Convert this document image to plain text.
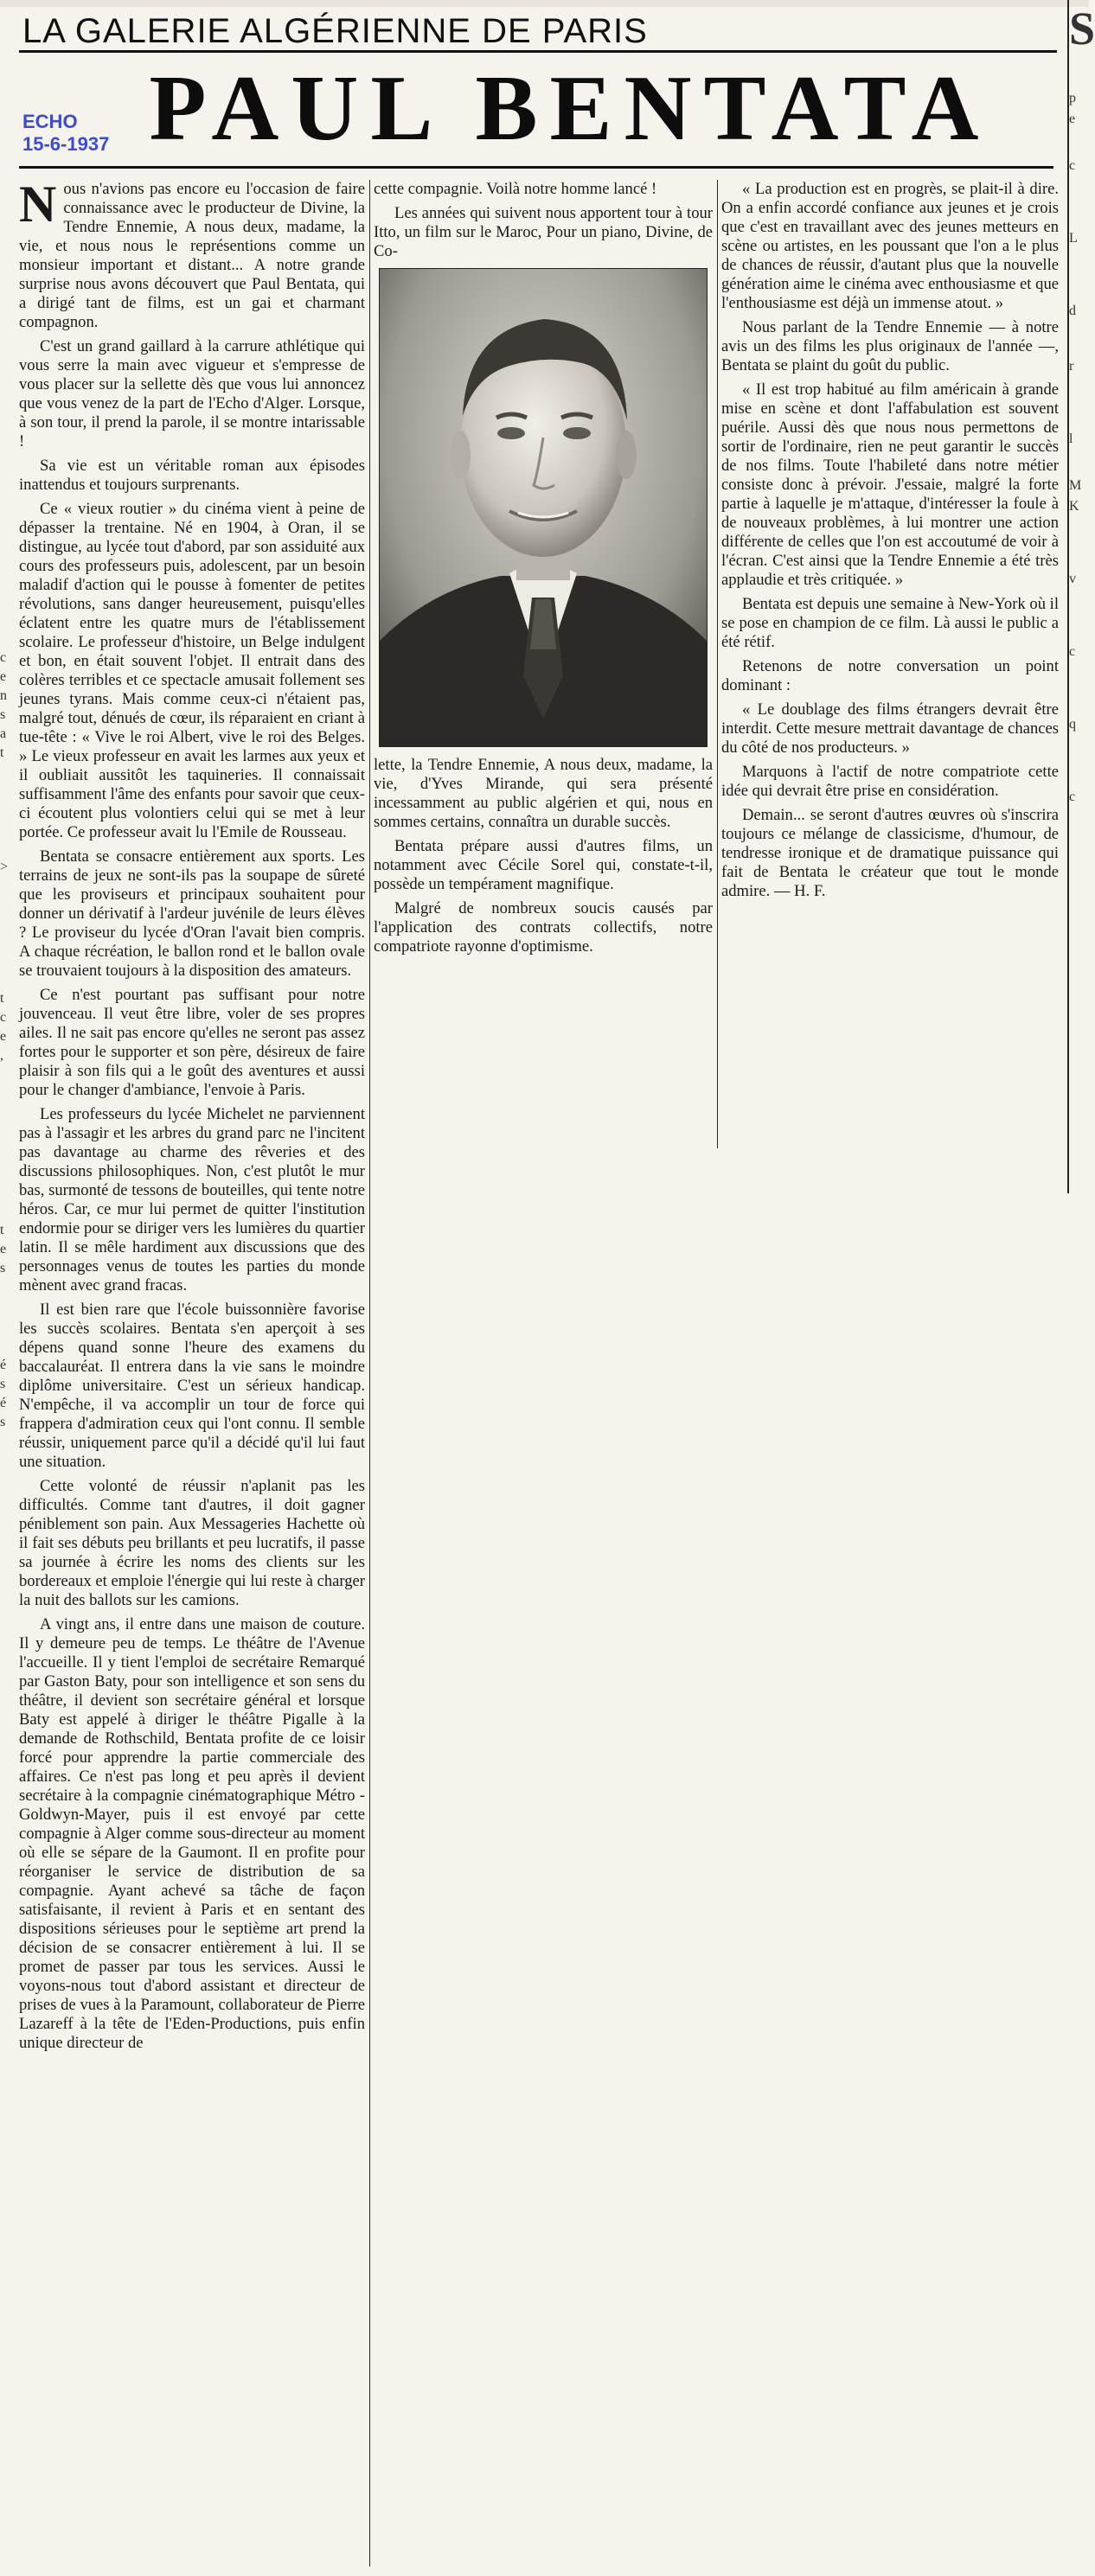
LA GALERIE ALGÉRIENNE DE PARIS
PAUL BENTATA
ECHO
15-6-1937

Nous n'avions pas encore eu l'occasion de faire connaissance avec le producteur de Divine, la Tendre Ennemie, A nous deux, madame, la vie, et nous nous le représentions comme un monsieur important et distant... A notre grande surprise nous avons découvert que Paul Bentata, qui a dirigé tant de films, est un gai et charmant compagnon.

C'est un grand gaillard à la carrure athlétique qui vous serre la main avec vigueur et s'empresse de vous placer sur la sellette dès que vous lui annoncez que vous venez de la part de l'Echo d'Alger. Lorsque, à son tour, il prend la parole, il se montre intarissable !

Sa vie est un véritable roman aux épisodes inattendus et toujours surprenants.

Ce « vieux routier » du cinéma vient à peine de dépasser la trentaine. Né en 1904, à Oran, il se distingue, au lycée tout d'abord, par son assiduité aux cours des professeurs puis, adolescent, par un besoin maladif d'action qui le pousse à fomenter de petites révolutions, sans danger heureusement, puisqu'elles éclatent entre les quatre murs de l'établissement scolaire. Le professeur d'histoire, un Belge indulgent et bon, en était souvent l'objet. Il entrait dans des colères terribles et ce spectacle amusait follement ses jeunes tyrans. Mais comme ceux-ci n'étaient pas, malgré tout, dénués de cœur, ils réparaient en criant à tue-tête : « Vive le roi Albert, vive le roi des Belges. » Le vieux professeur en avait les larmes aux yeux et il oubliait aussitôt les taquineries. Il connaissait suffisamment l'âme des enfants pour savoir que ceux-ci écoutent plus volontiers celui qui se met à leur portée. Ce professeur avait lu l'Emile de Rousseau.

Bentata se consacre entièrement aux sports. Les terrains de jeux ne sont-ils pas la soupape de sûreté que les proviseurs et principaux souhaitent pour donner un dérivatif à l'ardeur juvénile de leurs élèves ? Le proviseur du lycée d'Oran l'avait bien compris. A chaque récréation, le ballon rond et le ballon ovale se trouvaient toujours à la disposition des amateurs.

Ce n'est pourtant pas suffisant pour notre jouvenceau. Il veut être libre, voler de ses propres ailes. Il ne sait pas encore qu'elles ne seront pas assez fortes pour le supporter et son père, désireux de faire plaisir à son fils qui a le goût des aventures et aussi pour le changer d'ambiance, l'envoie à Paris.

Les professeurs du lycée Michelet ne parviennent pas à l'assagir et les arbres du grand parc ne l'incitent pas davantage au charme des rêveries et des discussions philosophiques. Non, c'est plutôt le mur bas, surmonté de tessons de bouteilles, qui tente notre héros. Car, ce mur lui permet de quitter l'institution endormie pour se diriger vers les lumières du quartier latin. Il se mêle hardiment aux discussions que des personnages venus de toutes les parties du monde mènent avec grand fracas.

Il est bien rare que l'école buissonnière favorise les succès scolaires. Bentata s'en aperçoit à ses dépens quand sonne l'heure des examens du baccalauréat. Il entrera dans la vie sans le moindre diplôme universitaire. C'est un sérieux handicap. N'empêche, il va accomplir un tour de force qui frappera d'admiration ceux qui l'ont connu. Il semble réussir, uniquement parce qu'il a décidé qu'il lui faut une situation.

Cette volonté de réussir n'aplanit pas les difficultés. Comme tant d'autres, il doit gagner péniblement son pain. Aux Messageries Hachette où il fait ses débuts peu brillants et peu lucratifs, il passe sa journée à écrire les noms des clients sur les bordereaux et emploie l'énergie qui lui reste à charger la nuit des ballots sur les camions.

A vingt ans, il entre dans une maison de couture. Il y demeure peu de temps. Le théâtre de l'Avenue l'accueille. Il y tient l'emploi de secrétaire Remarqué par Gaston Baty, pour son intelligence et son sens du théâtre, il devient son secrétaire général et lorsque Baty est appelé à diriger le théâtre Pigalle à la demande de Rothschild, Bentata profite de ce loisir forcé pour apprendre la partie commerciale des affaires. Ce n'est pas long et peu après il devient secrétaire à la compagnie cinématographique Métro - Goldwyn-Mayer, puis il est envoyé par cette compagnie à Alger comme sous-directeur au moment où elle se sépare de la Gaumont. Il en profite pour réorganiser le service de distribution de sa compagnie. Ayant achevé sa tâche de façon satisfaisante, il revient à Paris et en sentant des dispositions sérieuses pour le septième art prend la décision de se consacrer entièrement à lui. Il se promet de passer par tous les services. Aussi le voyons-nous tout d'abord assistant et directeur de prises de vues à la Paramount, collaborateur de Pierre Lazareff à la tête de l'Eden-Productions, puis enfin unique directeur de

cette compagnie. Voilà notre homme lancé !

Les années qui suivent nous apportent tour à tour Itto, un film sur le Maroc, Pour un piano, Divine, de Co-

lette, la Tendre Ennemie, A nous deux, madame, la vie, d'Yves Mirande, qui sera présenté incessamment au public algérien et qui, nous en sommes certains, connaîtra un durable succès.

Bentata prépare aussi d'autres films, un notamment avec Cécile Sorel qui, constate-t-il, possède un tempérament magnifique.

Malgré de nombreux soucis causés par l'application des contrats collectifs, notre compatriote rayonne d'optimisme.

« La production est en progrès, se plait-il à dire. On a enfin accordé confiance aux jeunes et je crois que c'est en travaillant avec des jeunes metteurs en scène ou artistes, en les poussant que l'on a le plus de chances de réussir, d'autant plus que la nouvelle génération aime le cinéma avec enthousiasme et que l'enthousiasme est déjà un immense atout. »

Nous parlant de la Tendre Ennemie — à notre avis un des films les plus originaux de l'année —, Bentata se plaint du goût du public.

« Il est trop habitué au film américain à grande mise en scène et dont l'affabulation est souvent puérile. Aussi dès que nous nous permettons de sortir de l'ordinaire, rien ne peut garantir le succès de nos films. Toute l'habileté dans notre métier consiste donc à prévoir. J'essaie, malgré la forte partie à laquelle je m'attaque, d'intéresser la foule à de nouveaux problèmes, à lui montrer une action différente de celles que l'on est accoutumé de voir à l'écran. C'est ainsi que la Tendre Ennemie a été très applaudie et très critiquée. »

Bentata est depuis une semaine à New-York où il se pose en champion de ce film. Là aussi le public a été rétif.

Retenons de notre conversation un point dominant :

« Le doublage des films étrangers devrait être interdit. Cette mesure mettrait davantage de chances du côté de nos producteurs. »

Marquons à l'actif de notre compatriote cette idée qui devrait être prise en considération.

Demain... se seront d'autres œuvres où s'inscrira toujours ce mélange de classicisme, d'humour, de tendresse ironique et de dramatique puissance qui fait de Bentata le créateur que tout le monde admire. — H. F.

c
e
n
s
a
t
>
t
c
e
,
t
e
s
é
s
é
s
S
p
e
c
L
d
r
l
M
K
v
c
q
c
